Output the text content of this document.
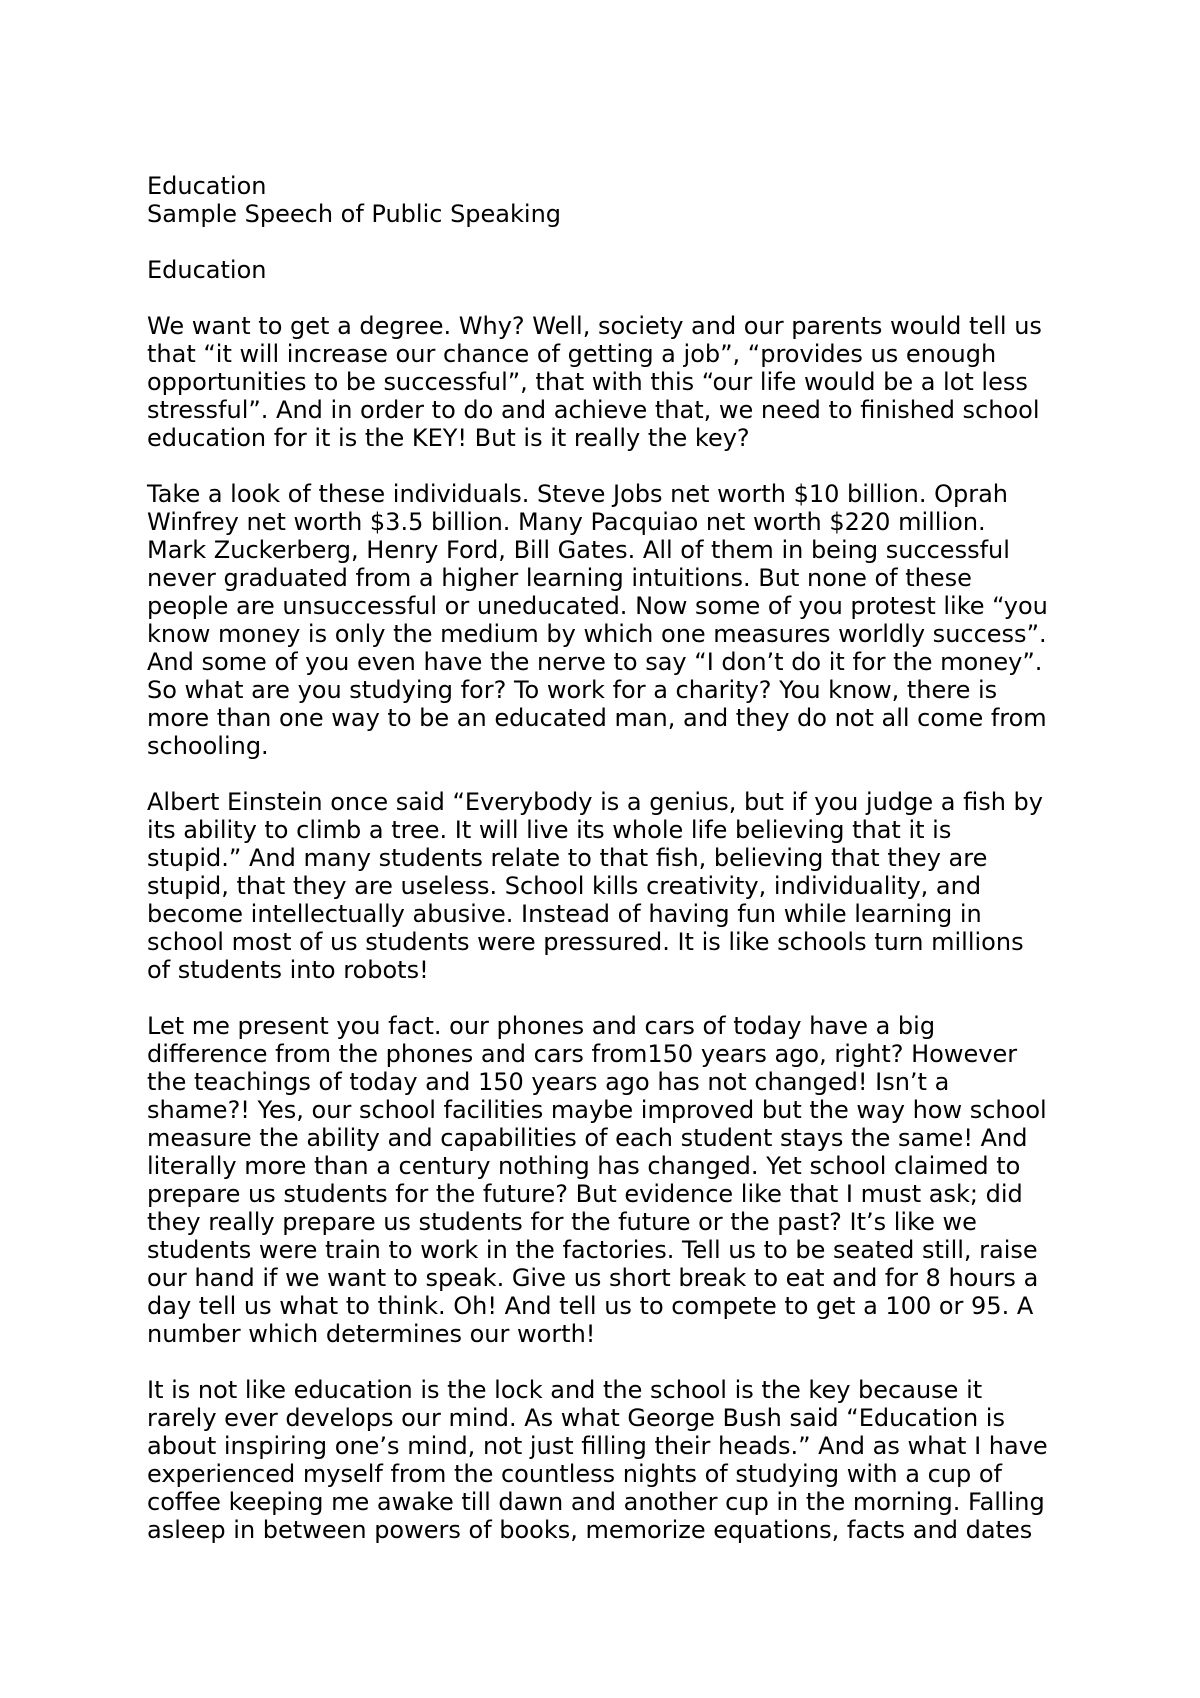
Education
Sample Speech of Public Speaking
Education
We want to get a degree. Why? Well, society and our parents would tell us
that “it will increase our chance of getting a job”, “provides us enough
opportunities to be successful”, that with this “our life would be a lot less
stressful”. And in order to do and achieve that, we need to finished school
education for it is the KEY! But is it really the key?
Take a look of these individuals. Steve Jobs net worth $10 billion. Oprah
Winfrey net worth $3.5 billion. Many Pacquiao net worth $220 million.
Mark Zuckerberg, Henry Ford, Bill Gates. All of them in being successful
never graduated from a higher learning intuitions. But none of these
people are unsuccessful or uneducated. Now some of you protest like “you
know money is only the medium by which one measures worldly success”.
And some of you even have the nerve to say “I don’t do it for the money”.
So what are you studying for? To work for a charity? You know, there is
more than one way to be an educated man, and they do not all come from
schooling.
Albert Einstein once said “Everybody is a genius, but if you judge a fish by
its ability to climb a tree. It will live its whole life believing that it is
stupid.” And many students relate to that fish, believing that they are
stupid, that they are useless. School kills creativity, individuality, and
become intellectually abusive. Instead of having fun while learning in
school most of us students were pressured. It is like schools turn millions
of students into robots!
Let me present you fact. our phones and cars of today have a big
difference from the phones and cars from150 years ago, right? However
the teachings of today and 150 years ago has not changed! Isn’t a
shame?! Yes, our school facilities maybe improved but the way how school
measure the ability and capabilities of each student stays the same! And
literally more than a century nothing has changed. Yet school claimed to
prepare us students for the future? But evidence like that I must ask; did
they really prepare us students for the future or the past? It’s like we
students were train to work in the factories. Tell us to be seated still, raise
our hand if we want to speak. Give us short break to eat and for 8 hours a
day tell us what to think. Oh! And tell us to compete to get a 100 or 95. A
number which determines our worth!
It is not like education is the lock and the school is the key because it
rarely ever develops our mind. As what George Bush said “Education is
about inspiring one’s mind, not just filling their heads.” And as what I have
experienced myself from the countless nights of studying with a cup of
coffee keeping me awake till dawn and another cup in the morning. Falling
asleep in between powers of books, memorize equations, facts and dates
